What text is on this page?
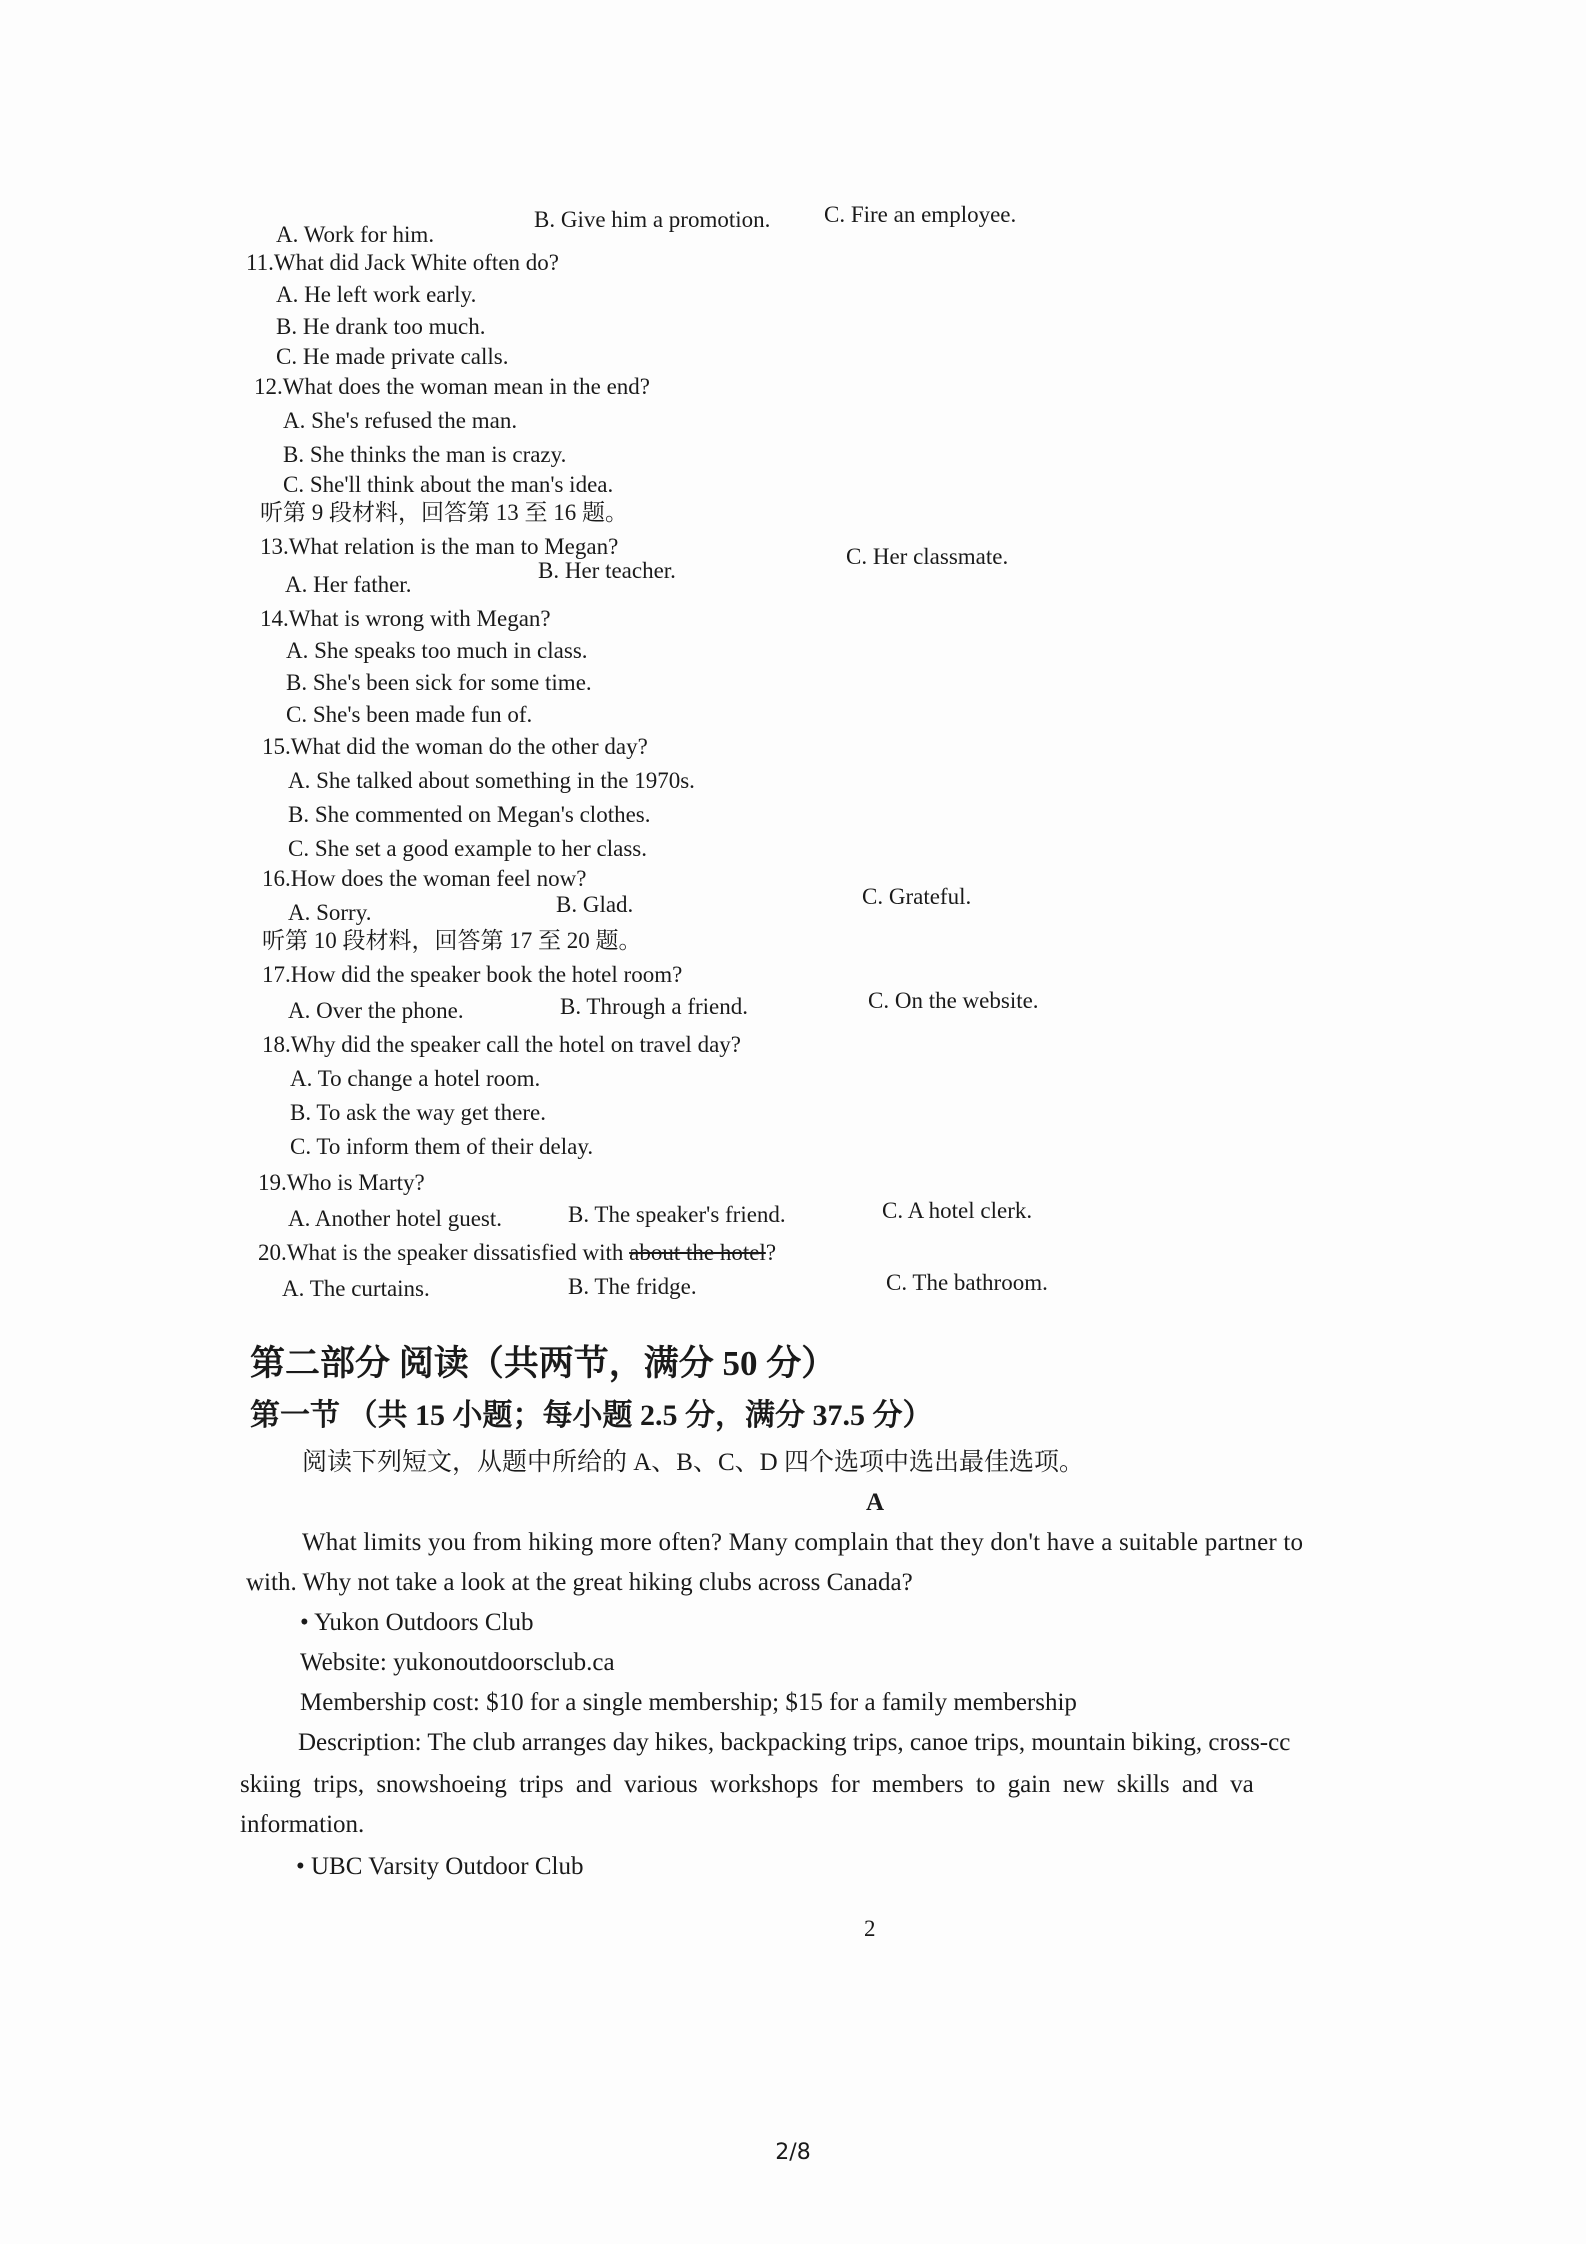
A. Work for him.
B. Give him a promotion. C. Fire an employee.
11.What did Jack White often do?
A. He left work early.
B. He drank too much.
C. He made private calls.
12.What does the woman mean in the end?
A. She's refused the man.
B. She thinks the man is crazy.
C. She'll think about the man's idea.
听第 9 段材料，回答第 13 至 16 题。
13.What relation is the man to Megan?
A. Her father.
B. Her teacher.
C. Her classmate.
14.What is wrong with Megan?
A. She speaks too much in class.
B. She's been sick for some time.
C. She's been made fun of.
15.What did the woman do the other day?
A. She talked about something in the 1970s.
B. She commented on Megan's clothes.
C. She set a good example to her class.
16.How does the woman feel now?
A. Sorry.	B. Glad.	C. Grateful.
听第 10 段材料，回答第 17 至 20 题。
17.How did the speaker book the hotel room?
A. Over the phone.	B. Through a friend.	C. On the website.
18.Why did the speaker call the hotel on travel day?
A. To change a hotel room.
B. To ask the way get there.
C. To inform them of their delay.
19.Who is Marty?
A. Another hotel guest.	B. The speaker's friend.	C. A hotel clerk.
20.What is the speaker dissatisfied with about the hotel?
A. The curtains.	B. The fridge.	C. The bathroom.
第二部分 阅读（共两节，满分 50 分）
第一节 （共 15 小题；每小题 2.5 分，满分 37.5 分）
阅读下列短文，从题中所给的 A、B、C、D 四个选项中选出最佳选项。
A
What limits you from hiking more often? Many complain that they don't have a suitable partner to
with. Why not take a look at the great hiking clubs across Canada?
• Yukon Outdoors Club
Website: yukonoutdoorsclub.ca
Membership cost: $10 for a single membership; $15 for a family membership
Description: The club arranges day hikes, backpacking trips, canoe trips, mountain biking, cross-cc
skiing trips, snowshoeing trips and various workshops for members to gain new skills and va
information.
• UBC Varsity Outdoor Club
2
2/8
